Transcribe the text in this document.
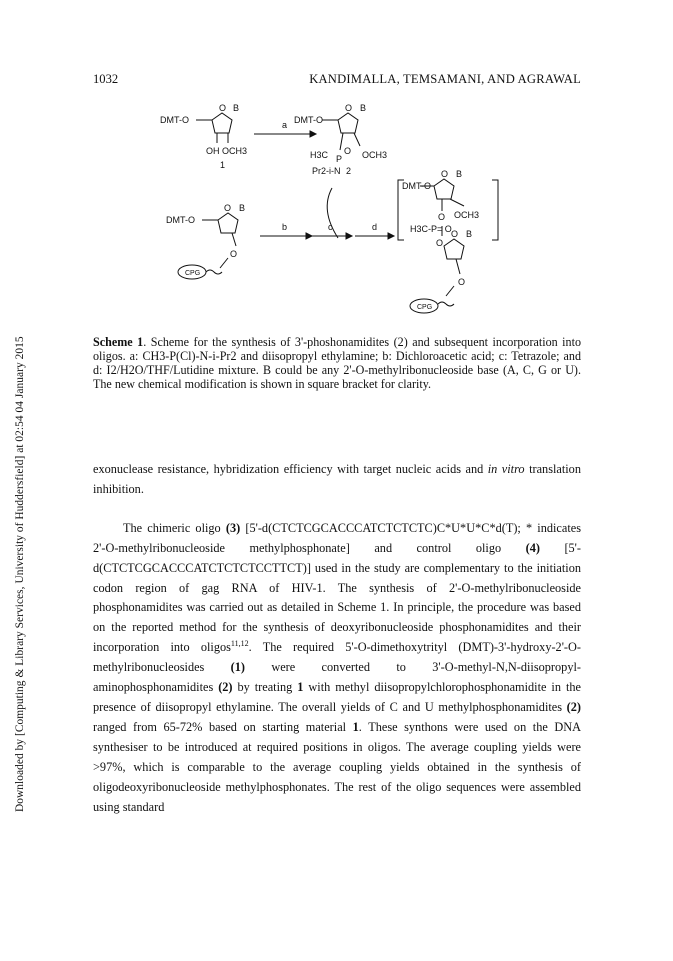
Downloaded by [Computing & Library Services, University of Huddersfield] at 02:54 04 January 2015
1032	KANDIMALLA, TEMSAMANI, AND AGRAWAL
DMT-O
O B
OH OCH3
1
a DMT-O
O B
H3C P
O OCH3
Pr2-i-N 2
DMT-O
O B
O
CPG
b	c	d
DMT-O
O B
O OCH3
H3C-P= O
O
O B
O
CPG
Scheme 1. Scheme for the synthesis of 3'-phoshonamidites (2) and subsequent incorporation into oligos. a: CH3-P(Cl)-N-i-Pr2 and diisopropyl ethylamine; b: Dichloroacetic acid; c: Tetrazole; and d: I2/H2O/THF/Lutidine mixture. B could be any 2'-O-methylribonucleoside base (A, C, G or U). The new chemical modification is shown in square bracket for clarity.

exonuclease resistance, hybridization efficiency with target nucleic acids and in vitro translation inhibition.

The chimeric oligo (3) [5'-d(CTCTCGCACCCATCTCTCTC)C*U*U*C*d(T); * indicates 2'-O-methylribonucleoside methylphosphonate] and control oligo (4) [5'-d(CTCTCGCACCCATCTCTCTCCTTCT)] used in the study are complementary to the initiation codon region of gag RNA of HIV-1. The synthesis of 2'-O-methylribonucleoside phosphonamidites was carried out as detailed in Scheme 1. In principle, the procedure was based on the reported method for the synthesis of deoxyribonucleoside phosphonamidites and their incorporation into oligos$^{11,12}$. The required 5'-O-dimethoxytrityl (DMT)-3'-hydroxy-2'-O-methylribonucleosides (1) were converted to 3'-O-methyl-N,N-diisopropyl-aminophosphonamidites (2) by treating 1 with methyl diisopropylchlorophosphonamidite in the presence of diisopropyl ethylamine. The overall yields of C and U methylphosphonamidites (2) ranged from 65-72% based on starting material 1. These synthons were used on the DNA synthesiser to be introduced at required positions in oligos. The average coupling yields were >97%, which is comparable to the average coupling yields obtained in the synthesis of oligodeoxyribonucleoside methylphosphonates. The rest of the oligo sequences were assembled using standard
